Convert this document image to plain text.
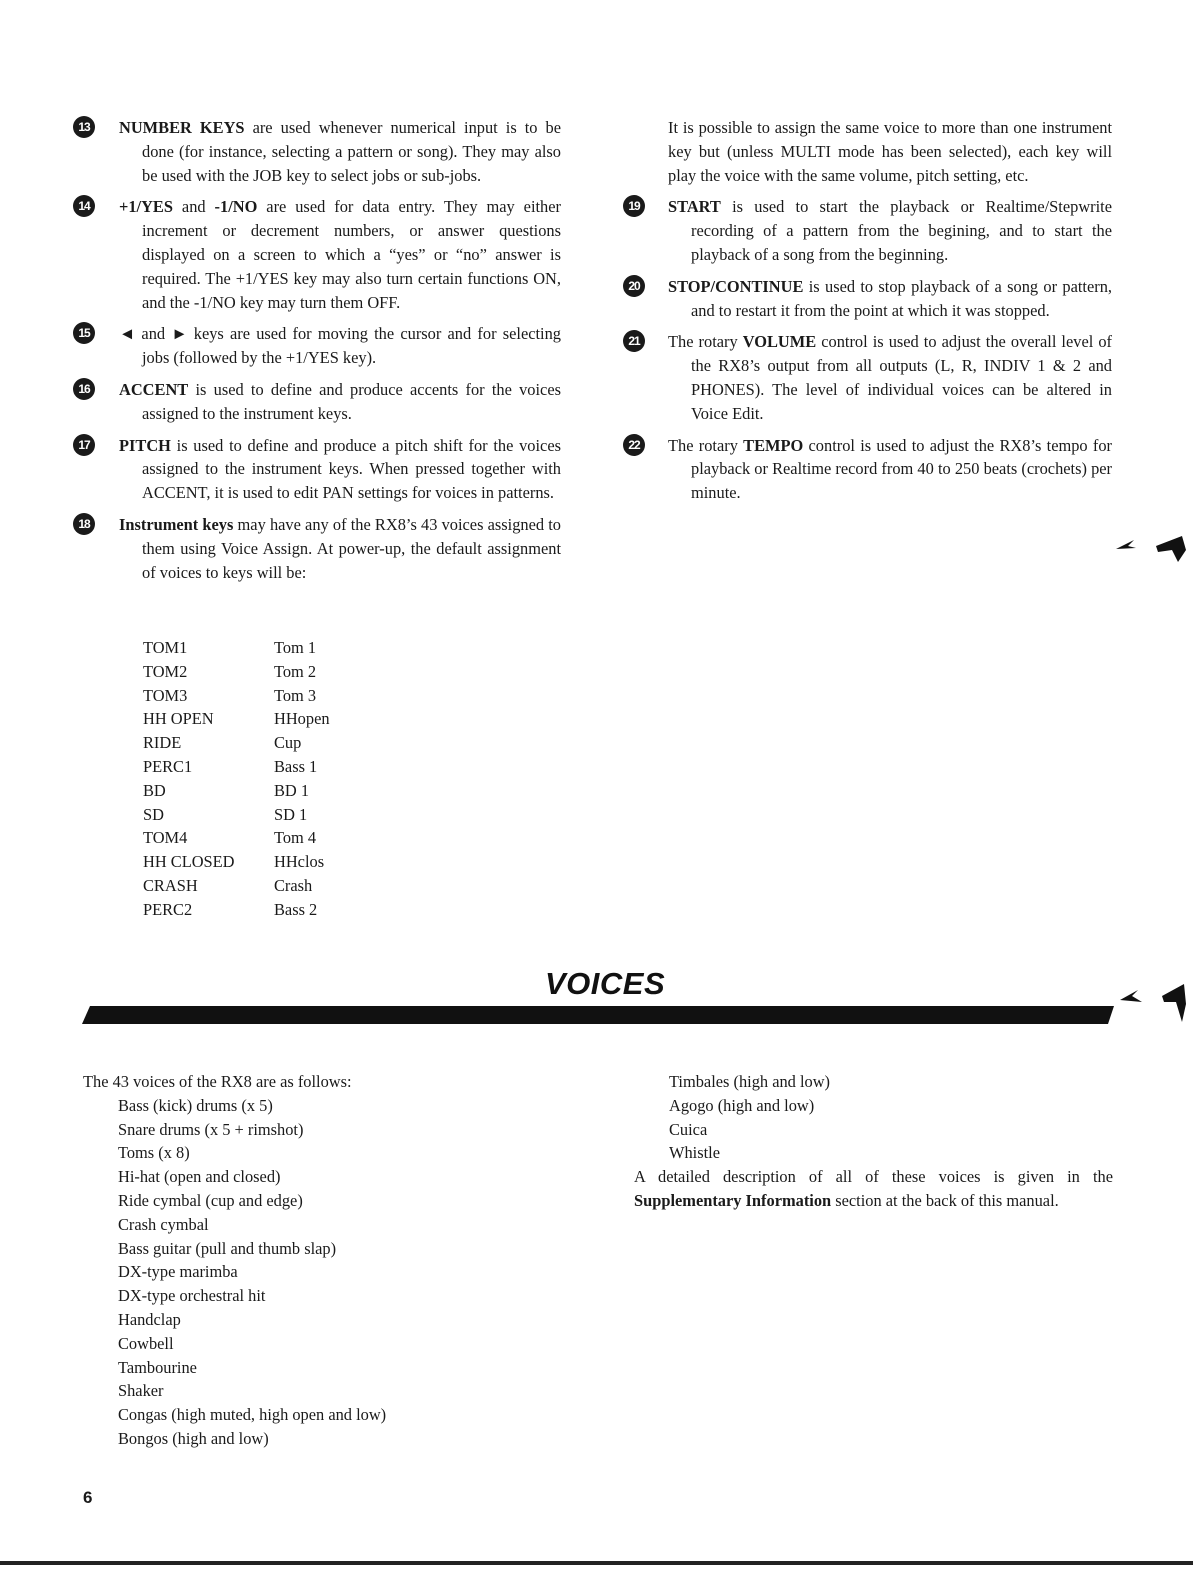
13	NUMBER KEYS are used whenever numerical input is to be done (for instance, selecting a pattern or song). They may also be used with the JOB key to select jobs or sub-jobs.

14	+1/YES and -1/NO are used for data entry. They may either increment or decrement numbers, or answer questions displayed on a screen to which a “yes” or “no” answer is required. The +1/YES key may also turn certain functions ON, and the -1/NO key may turn them OFF.

15	◄ and ► keys are used for moving the cursor and for selecting jobs (followed by the +1/YES key).

16	ACCENT is used to define and produce accents for the voices assigned to the instrument keys.

17	PITCH is used to define and produce a pitch shift for the voices assigned to the instrument keys. When pressed together with ACCENT, it is used to edit PAN settings for voices in patterns.

18	Instrument keys may have any of the RX8’s 43 voices assigned to them using Voice Assign. At power-up, the default assignment of voices to keys will be:

TOM1	Tom 1
TOM2	Tom 2
TOM3	Tom 3
HH OPEN	HHopen
RIDE	Cup
PERC1	Bass 1
BD	BD 1
SD	SD 1
TOM4	Tom 4
HH CLOSED	HHclos
CRASH	Crash
PERC2	Bass 2

It is possible to assign the same voice to more than one instrument key but (unless MULTI mode has been selected), each key will play the voice with the same volume, pitch setting, etc.

19	START is used to start the playback or Realtime/Stepwrite recording of a pattern from the begining, and to start the playback of a song from the beginning.

20	STOP/CONTINUE is used to stop playback of a song or pattern, and to restart it from the point at which it was stopped.

21	The rotary VOLUME control is used to adjust the overall level of the RX8’s output from all outputs (L, R, INDIV 1 & 2 and PHONES). The level of individual voices can be altered in Voice Edit.

22	The rotary TEMPO control is used to adjust the RX8’s tempo for playback or Realtime record from 40 to 250 beats (crochets) per minute.

VOICES
The 43 voices of the RX8 are as follows:
Bass (kick) drums (x 5)
Snare drums (x 5 + rimshot)
Toms (x 8)
Hi-hat (open and closed)
Ride cymbal (cup and edge)
Crash cymbal
Bass guitar (pull and thumb slap)
DX-type marimba
DX-type orchestral hit
Handclap
Cowbell
Tambourine
Shaker
Congas (high muted, high open and low)
Bongos (high and low)
Timbales (high and low)
Agogo (high and low)
Cuica
Whistle

A detailed description of all of these voices is given in the Supplementary Information section at the back of this manual.

6
